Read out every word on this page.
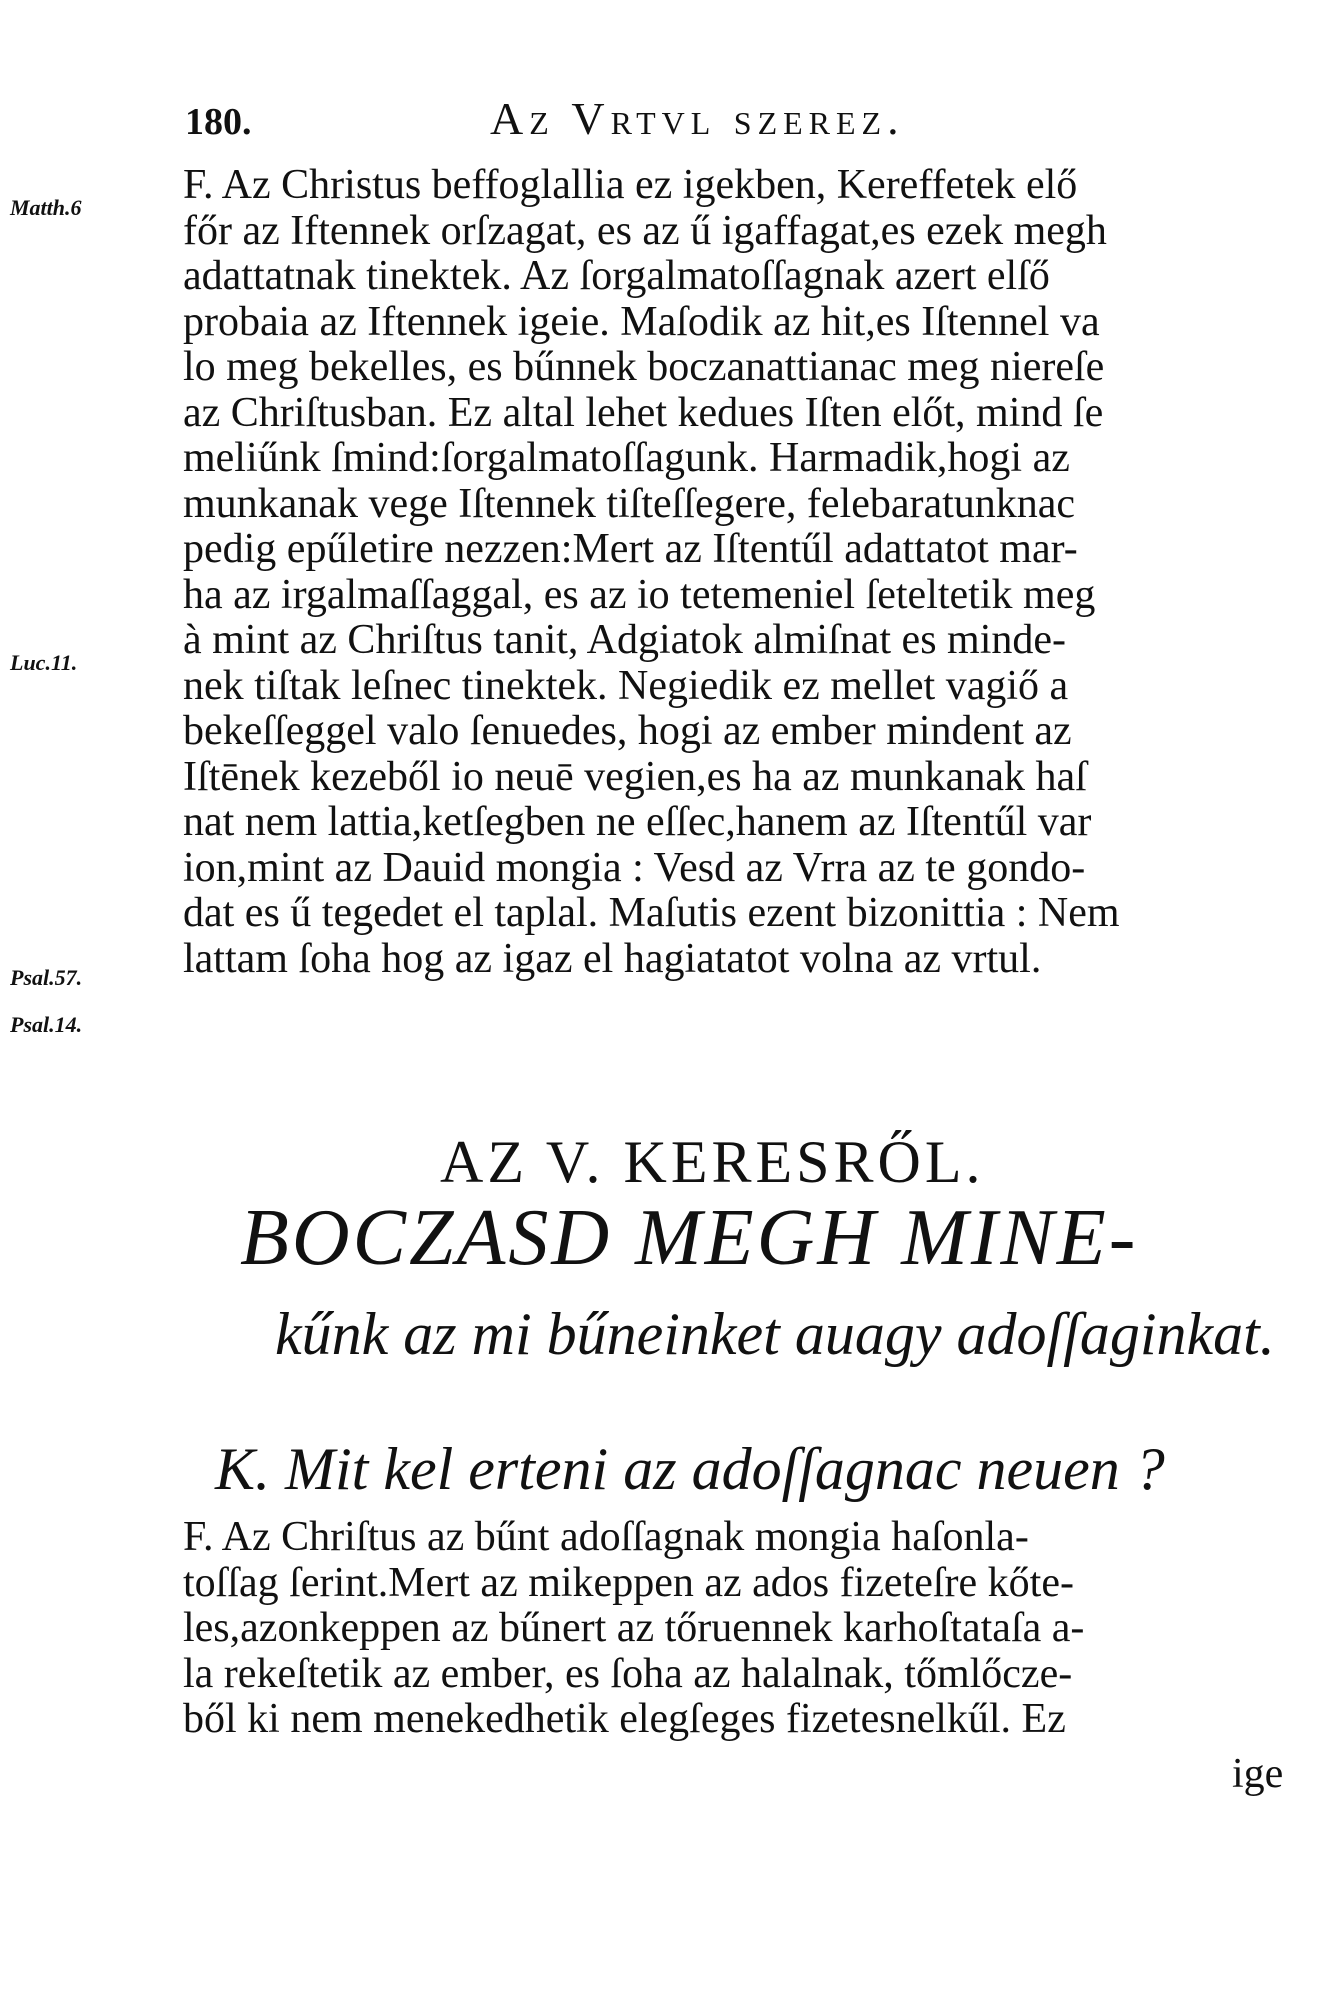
180.	Az Vrtvl szerez.
Matth.6
Luc.11.
Psal.57.
Psal.14.
F. Az Christus beffoglallia ez igekben, Kereffetek elő
főr az Iftennek orſzagat, es az ű igaffagat,es ezek megh
adattatnak tinektek. Az ſorgalmatoſſagnak azert elſő
probaia az Iftennek igeie. Maſodik az hit,es Iſtennel va
lo meg bekelles, es bűnnek boczanattianac meg niereſe
az Chriſtusban. Ez altal lehet kedues Iſten előt, mind ſe
meliűnk ſmind:ſorgalmatoſſagunk. Harmadik,hogi az
munkanak vege Iſtennek tiſteſſegere, felebaratunknac
pedig epűletire nezzen:Mert az Iſtentűl adattatot mar-
ha az irgalmaſſaggal, es az io tetemeniel ſeteltetik meg
à mint az Chriſtus tanit, Adgiatok almiſnat es minde-
nek tiſtak leſnec tinektek. Negiedik ez mellet vagiő a
bekeſſeggel valo ſenuedes, hogi az ember mindent az
Iſtēnek kezeből io neuē vegien,es ha az munkanak haſ
nat nem lattia,ketſegben ne eſſec,hanem az Iſtentűl var
ion,mint az Dauid mongia : Vesd az Vrra az te gondo-
dat es ű tegedet el taplal. Maſutis ezent bizonittia : Nem
lattam ſoha hog az igaz el hagiatatot volna az vrtul.
AZ V. KERESRŐL.
BOCZASD MEGH MINE-
kűnk az mi bűneinket auagy adoſſaginkat.
K. Mit kel erteni az adoſſagnac neuen ?
F. Az Chriſtus az bűnt adoſſagnak mongia haſonla-
toſſag ſerint.Mert az mikeppen az ados fizeteſre kőte-
les,azonkeppen az bűnert az tőruennek karhoſtataſa a-
la rekeſtetik az ember, es ſoha az halalnak, tőmlőcze-
ből ki nem menekedhetik elegſeges fizetesnelkűl. Ez
ige
